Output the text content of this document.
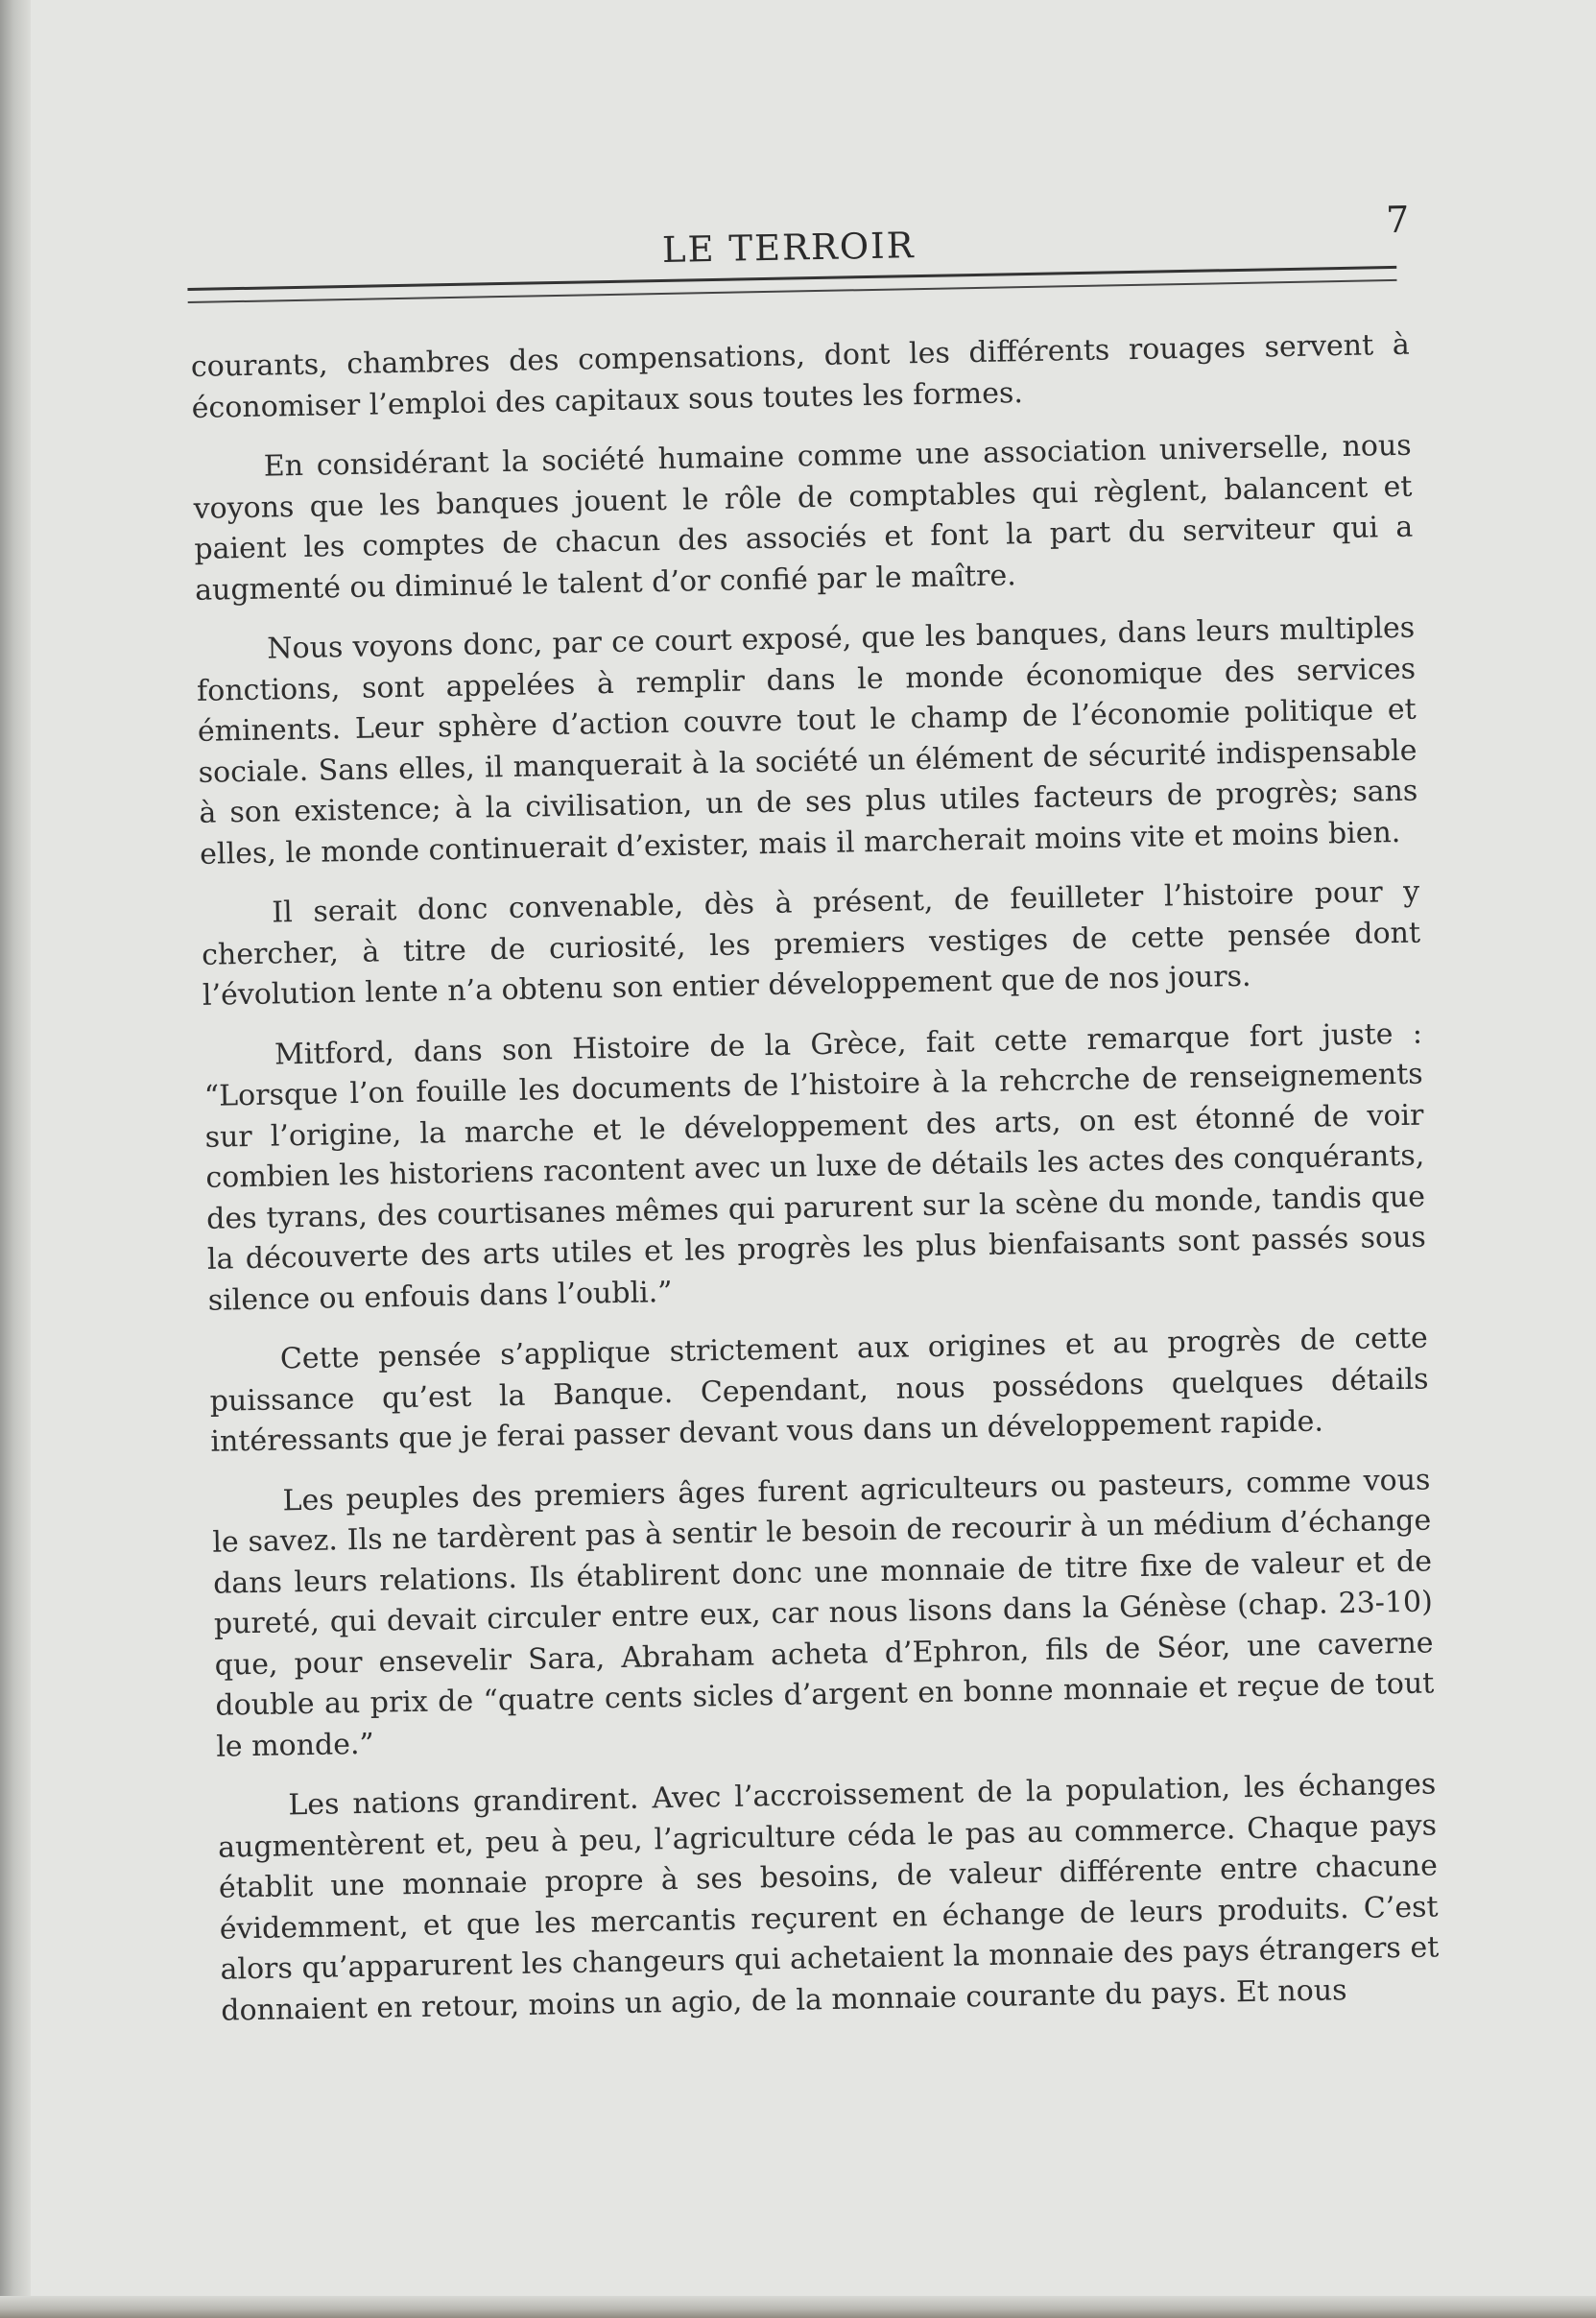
LE TERROIR
7

courants, chambres des compensations, dont les différents rouages servent à économiser l’emploi des capitaux sous toutes les formes.

En considérant la société humaine comme une association universelle, nous voyons que les banques jouent le rôle de comptables qui règlent, balancent et paient les comptes de chacun des associés et font la part du serviteur qui a augmenté ou diminué le talent d’or confié par le maître.

Nous voyons donc, par ce court exposé, que les banques, dans leurs multiples fonctions, sont appelées à remplir dans le monde économique des services éminents. Leur sphère d’action couvre tout le champ de l’économie politique et sociale. Sans elles, il manquerait à la société un élément de sécurité indispensable à son existence; à la civilisation, un de ses plus utiles facteurs de progrès; sans elles, le monde continuerait d’exister, mais il marcherait moins vite et moins bien.

Il serait donc convenable, dès à présent, de feuilleter l’histoire pour y chercher, à titre de curiosité, les premiers vestiges de cette pensée dont l’évolution lente n’a obtenu son entier développement que de nos jours.

Mitford, dans son Histoire de la Grèce, fait cette remarque fort juste : “Lorsque l’on fouille les documents de l’histoire à la rehcrche de renseignements sur l’origine, la marche et le développement des arts, on est étonné de voir combien les historiens racontent avec un luxe de détails les actes des conquérants, des tyrans, des courtisanes mêmes qui parurent sur la scène du monde, tandis que la découverte des arts utiles et les progrès les plus bienfaisants sont passés sous silence ou enfouis dans l’oubli.”

Cette pensée s’applique strictement aux origines et au progrès de cette puissance qu’est la Banque. Cependant, nous possédons quelques détails intéressants que je ferai passer devant vous dans un développement rapide.

Les peuples des premiers âges furent agriculteurs ou pasteurs, comme vous le savez. Ils ne tardèrent pas à sentir le besoin de recourir à un médium d’échange dans leurs relations. Ils établirent donc une monnaie de titre fixe de valeur et de pureté, qui devait circuler entre eux, car nous lisons dans la Génèse (chap. 23-10) que, pour ensevelir Sara, Abraham acheta d’Ephron, fils de Séor, une caverne double au prix de “quatre cents sicles d’argent en bonne monnaie et reçue de tout le monde.”

Les nations grandirent. Avec l’accroissement de la population, les échanges augmentèrent et, peu à peu, l’agriculture céda le pas au commerce. Chaque pays établit une monnaie propre à ses besoins, de valeur différente entre chacune évidemment, et que les mercantis reçurent en échange de leurs produits. C’est alors qu’apparurent les changeurs qui achetaient la monnaie des pays étrangers et donnaient en retour, moins un agio, de la monnaie courante du pays. Et nous
